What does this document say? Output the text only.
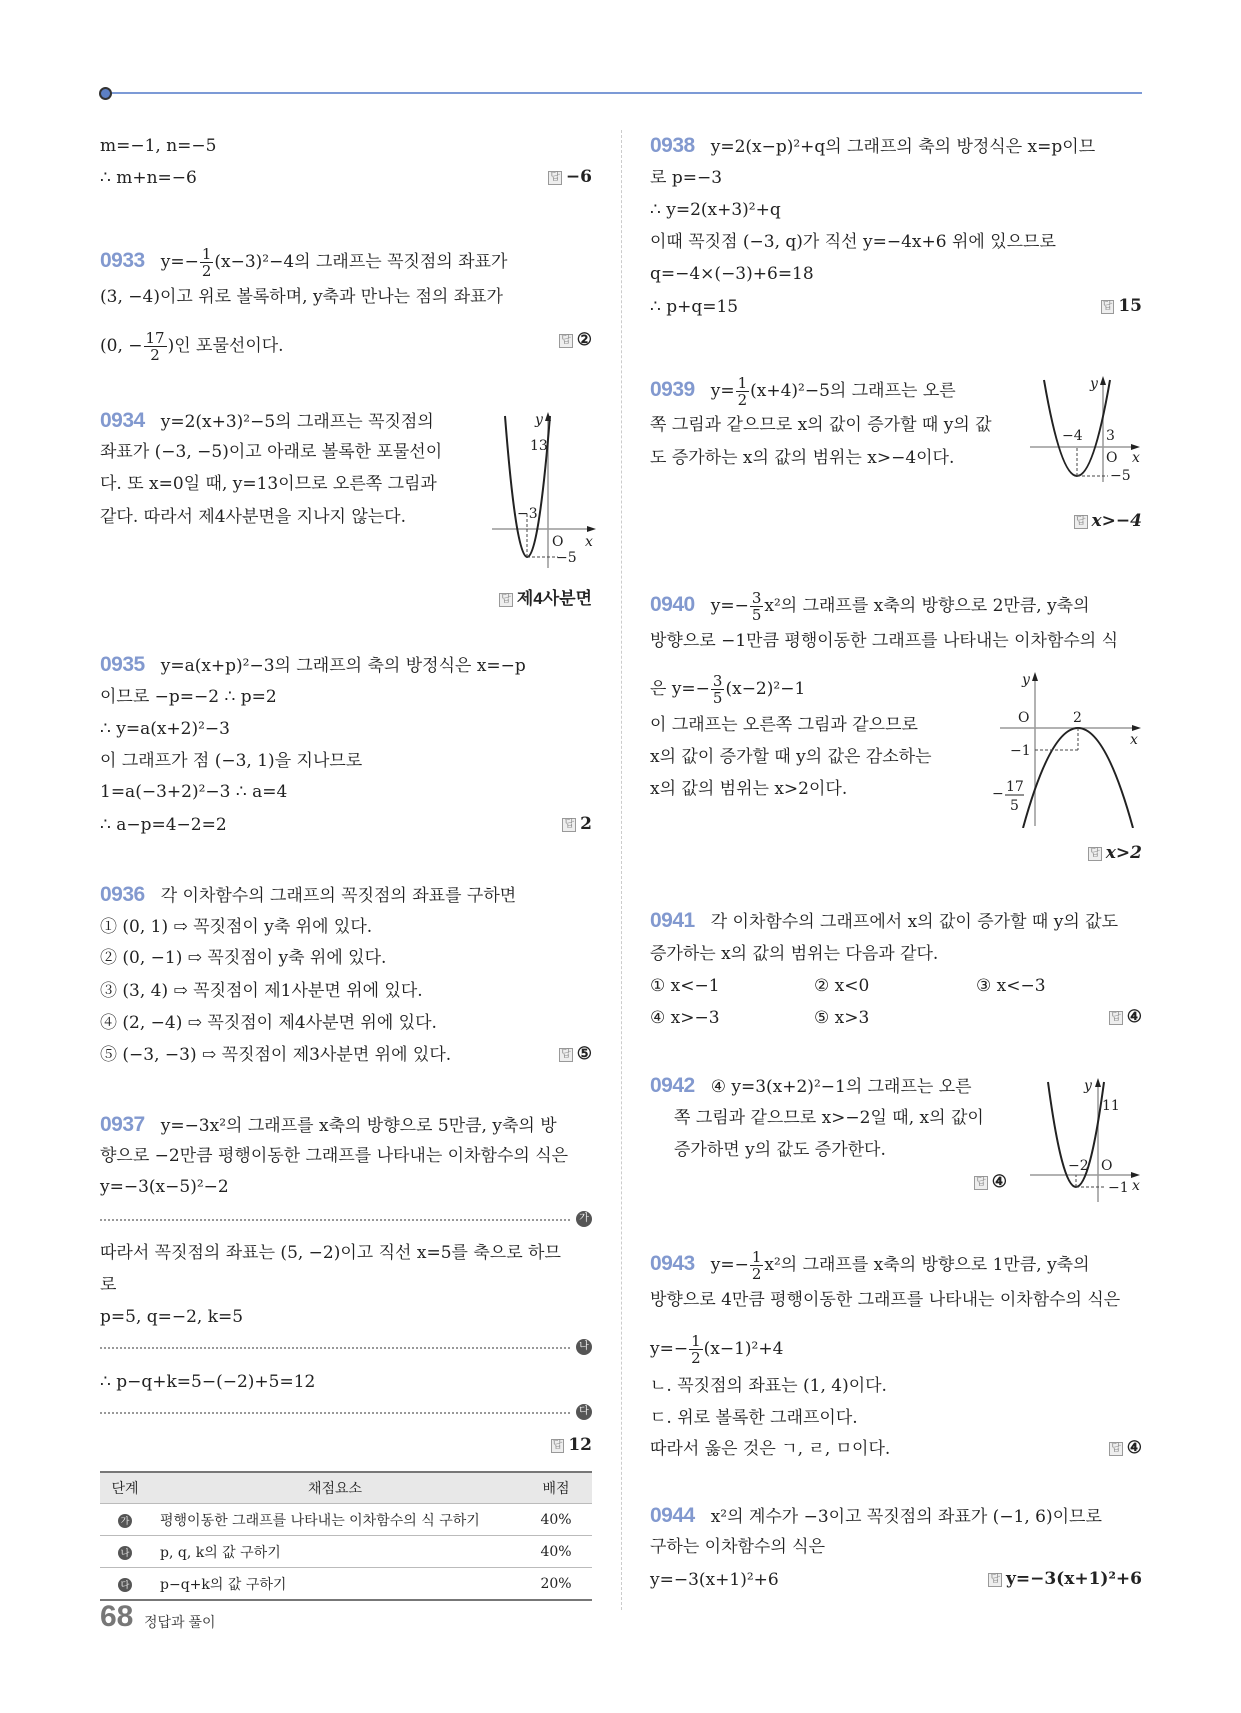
m=−1, n=−5
∴ m+n=−6	답 −6
0933 $y=- \frac{1}{2} (x-3)^2-4$의 그래프는 꼭짓점의 좌표가
(3, −4)이고 위로 볼록하며, y축과 만나는 점의 좌표가
(0, − $\frac{17}{2}$ )인 포물선이다.	답 ②
0934 y=2(x+3)²−5의 그래프는 꼭짓점의
좌표가 (−3, −5)이고 아래로 볼록한 포물선이
다. 또 x=0일 때, y=13이므로 오른쪽 그림과
같다. 따라서 제4사분면을 지나지 않는다.
y
13
−3
O x
−5
답 제4사분면
0935 y=a(x+p)²−3의 그래프의 축의 방정식은 x=−p
이므로 −p=−2 ∴ p=2
∴ y=a(x+2)²−3
이 그래프가 점 (−3, 1)을 지나므로
1=a(−3+2)²−3 ∴ a=4
∴ a−p=4−2=2	답 2
0936 각 이차함수의 그래프의 꼭짓점의 좌표를 구하면
① (0, 1) ⇨ 꼭짓점이 y축 위에 있다.
② (0, −1) ⇨ 꼭짓점이 y축 위에 있다.
③ (3, 4) ⇨ 꼭짓점이 제1사분면 위에 있다.
④ (2, −4) ⇨ 꼭짓점이 제4사분면 위에 있다.
⑤ (−3, −3) ⇨ 꼭짓점이 제3사분면 위에 있다.	답 ⑤
0937 y=−3x²의 그래프를 x축의 방향으로 5만큼, y축의 방
향으로 −2만큼 평행이동한 그래프를 나타내는 이차함수의 식은
y=−3(x−5)²−2
가
따라서 꼭짓점의 좌표는 (5, −2)이고 직선 x=5를 축으로 하므
로
p=5, q=−2, k=5
나
∴ p−q+k=5−(−2)+5=12
다
답 12
단계	채점요소	배점
가	평행이동한 그래프를 나타내는 이차함수의 식 구하기	40%
나	p, q, k의 값 구하기	40%
다	p−q+k의 값 구하기	20%
68 정답과 풀이
0938 y=2(x−p)²+q의 그래프의 축의 방정식은 x=p이므
로 p=−3
∴ y=2(x+3)²+q
이때 꼭짓점 (−3, q)가 직선 y=−4x+6 위에 있으므로
q=−4×(−3)+6=18
∴ p+q=15	답 15
0939 $y= \frac{1}{2} (x+4)^2-5$의 그래프는 오른
쪽 그림과 같으므로 x의 값이 증가할 때 y의 값
도 증가하는 x의 값의 범위는 x>−4이다.
y
−4 3
O x
−5
답 x>−4
0940 $y=- \frac{3}{5} x^2$의 그래프를 x축의 방향으로 2만큼, y축의
방향으로 −1만큼 평행이동한 그래프를 나타내는 이차함수의 식
은 $y=- \frac{3}{5} (x-2)^2-1$
이 그래프는 오른쪽 그림과 같으므로
x의 값이 증가할 때 y의 값은 감소하는
x의 값의 범위는 x>2이다.
y
O	2
x
−1
− 17
5
답 x>2
0941 각 이차함수의 그래프에서 x의 값이 증가할 때 y의 값도
증가하는 x의 값의 범위는 다음과 같다.
① x<−1	② x<0	③ x<−3
④ x>−3	⑤ x>3	답 ④
0942 ④ y=3(x+2)²−1의 그래프는 오른
쪽 그림과 같으므로 x>−2일 때, x의 값이
증가하면 y의 값도 증가한다.
답 ④
y
11
−2 O
−1 x
0943 $y=- \frac{1}{2} x^2$의 그래프를 x축의 방향으로 1만큼, y축의
방향으로 4만큼 평행이동한 그래프를 나타내는 이차함수의 식은
$y=- \frac{1}{2} (x-1)^2+4$
ㄴ. 꼭짓점의 좌표는 (1, 4)이다.
ㄷ. 위로 볼록한 그래프이다.
따라서 옳은 것은 ㄱ, ㄹ, ㅁ이다.	답 ④
0944 x²의 계수가 −3이고 꼭짓점의 좌표가 (−1, 6)이므로
구하는 이차함수의 식은
y=−3(x+1)²+6	답 y=−3(x+1)²+6
